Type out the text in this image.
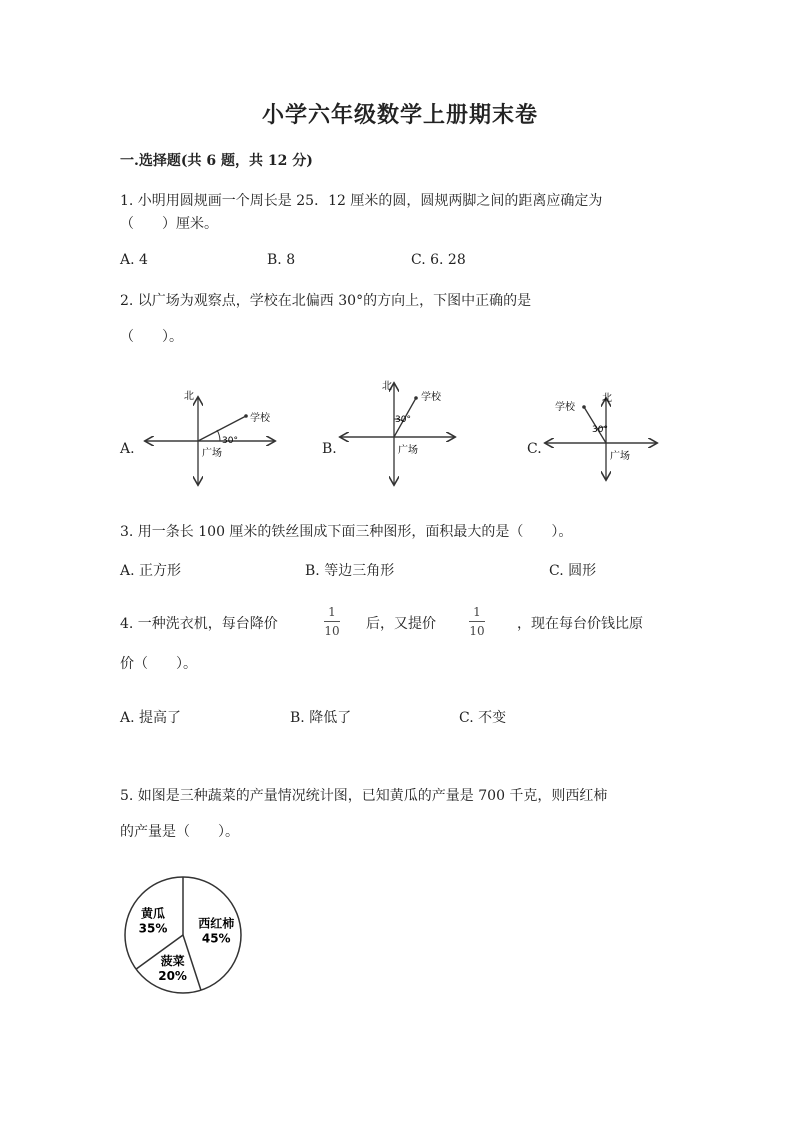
小学六年级数学上册期末卷
一.选择题(共 6 题，共 12 分)
1. 小明用圆规画一个周长是 25．12 厘米的圆，圆规两脚之间的距离应确定为
（　　）厘米。
A. 4	B. 8	C. 6. 28
2. 以广场为观察点，学校在北偏西 30°的方向上，下图中正确的是
（　　）。
A.	B.	C.
北
学校
30°
广场
北
学校
30°
广场
北
学校
30°
广场
3. 用一条长 100 厘米的铁丝围成下面三种图形，面积最大的是（　　）。
A. 正方形	B. 等边三角形	C. 圆形
4. 一种洗衣机，每台降价
1
10 后，又提价
1
10 ，现在每台价钱比原
价（　　）。
A. 提高了	B. 降低了	C. 不变
5. 如图是三种蔬菜的产量情况统计图，已知黄瓜的产量是 700 千克，则西红柿
的产量是（　　）。
黄瓜
35%	西红柿
45%
菠菜
20%
